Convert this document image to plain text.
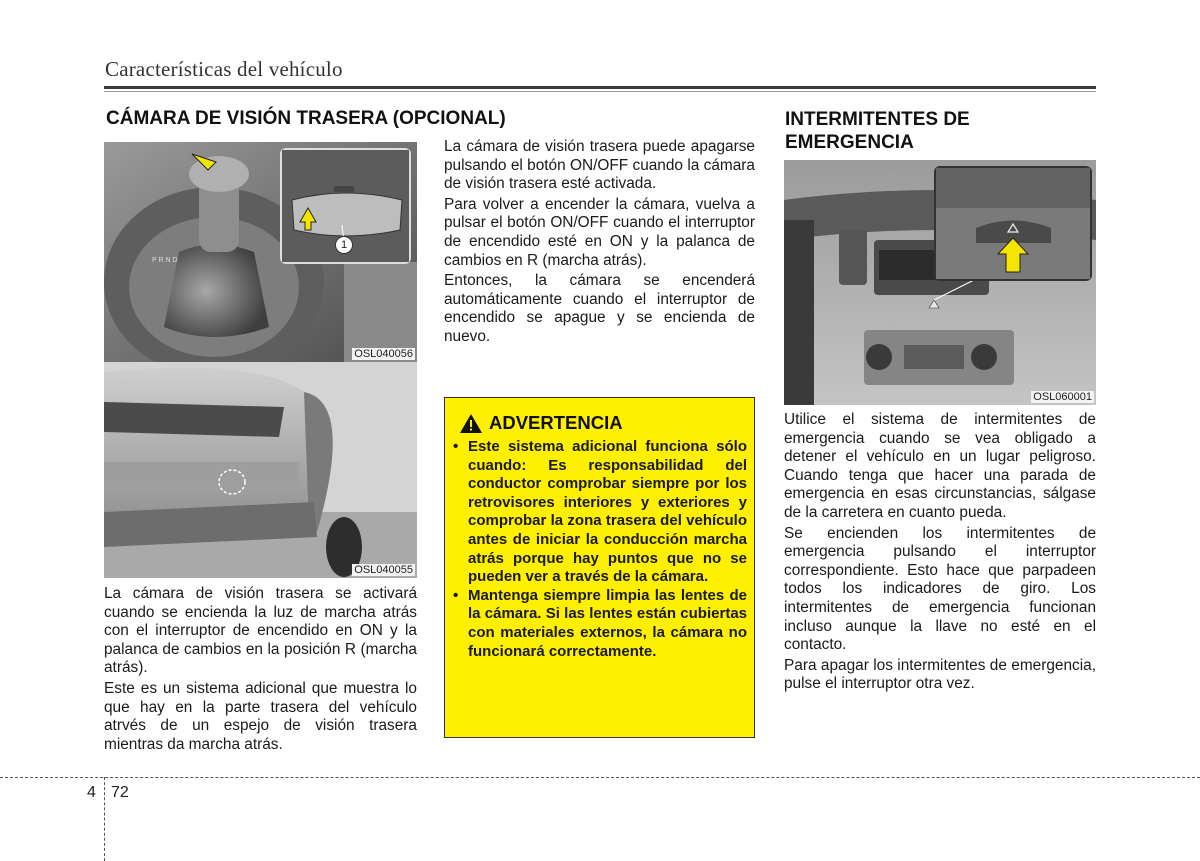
Características del vehículo
CÁMARA DE VISIÓN TRASERA (OPCIONAL)
P R N D
1
OSL040056
OSL040055

La cámara de visión trasera se activará cuando se encienda la luz de marcha atrás con el interruptor de encendido en ON y la palanca de cambios en la posición R (marcha atrás).

Este es un sistema adicional que muestra lo que hay en la parte trasera del vehículo atrvés de un espejo de visión trasera mientras da marcha atrás.

La cámara de visión trasera puede apagarse pulsando el botón ON/OFF cuando la cámara de visión trasera esté activada.

Para volver a encender la cámara, vuelva a pulsar el botón ON/OFF cuando el interruptor de encendido esté en ON y la palanca de cambios en R (marcha atrás).

Entonces, la cámara se encenderá automáticamente cuando el interruptor de encendido se apague y se encienda de nuevo.

ADVERTENCIA
• Este sistema adicional funciona sólo cuando: Es responsabilidad del conductor comprobar siempre por los retrovisores interiores y exteriores y comprobar la zona trasera del vehículo antes de iniciar la conducción marcha atrás porque hay puntos que no se pueden ver a través de la cámara.
• Mantenga siempre limpia las lentes de la cámara. Si las lentes están cubiertas con materiales externos, la cámara no funcionará correctamente.
INTERMITENTES DE
EMERGENCIA
OSL060001

Utilice el sistema de intermitentes de emergencia cuando se vea obligado a detener el vehículo en un lugar peligroso. Cuando tenga que hacer una parada de emergencia en esas circunstancias, sálgase de la carretera en cuanto pueda.

Se encienden los intermitentes de emergencia pulsando el interruptor correspondiente. Esto hace que parpadeen todos los indicadores de giro. Los intermitentes de emergencia funcionan incluso aunque la llave no esté en el contacto.

Para apagar los intermitentes de emergencia, pulse el interruptor otra vez.

4 72
